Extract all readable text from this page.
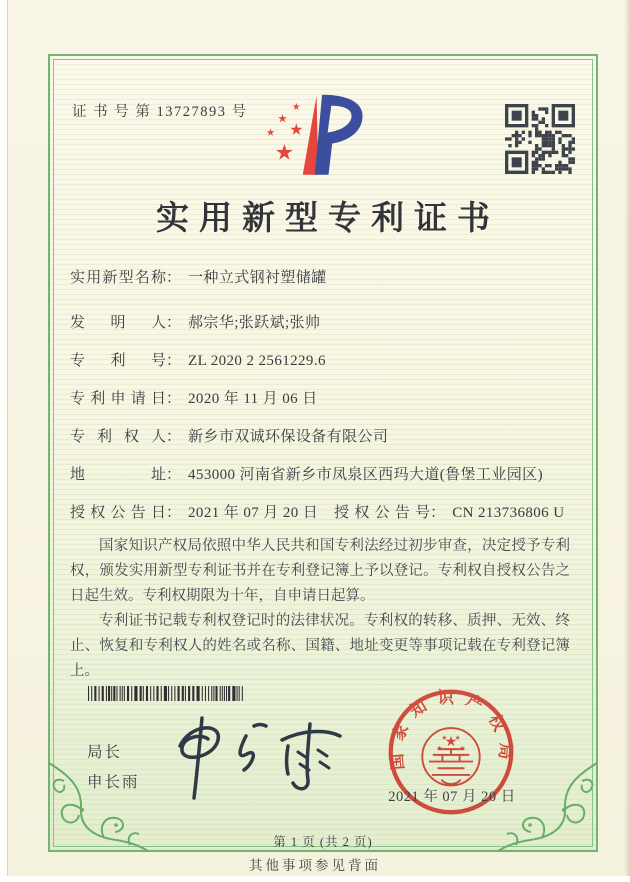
证 书 号 第 13727893 号
实用新型专利证书
实用新型名称： 一种立式钢衬塑储罐
发明人： 郝宗华;张跃斌;张帅
专利号： ZL 2020 2 2561229.6
专利申请日： 2020 年 11 月 06 日
专利权人： 新乡市双诚环保设备有限公司
地址： 453000 河南省新乡市凤泉区西玛大道(鲁堡工业园区)
授权公告日： 2021 年 07 月 20 日 授权公告号： CN 213736806 U

国家知识产权局依照中华人民共和国专利法经过初步审查，决定授予专利权，颁发实用新型专利证书并在专利登记簿上予以登记。专利权自授权公告之日起生效。专利权期限为十年，自申请日起算。

专利证书记载专利权登记时的法律状况。专利权的转移、质押、无效、终止、恢复和专利权人的姓名或名称、国籍、地址变更等事项记载在专利登记簿上。

局长
申长雨
国家知识产权局
2021 年 07 月 20 日
第 1 页 (共 2 页)
其他事项参见背面
